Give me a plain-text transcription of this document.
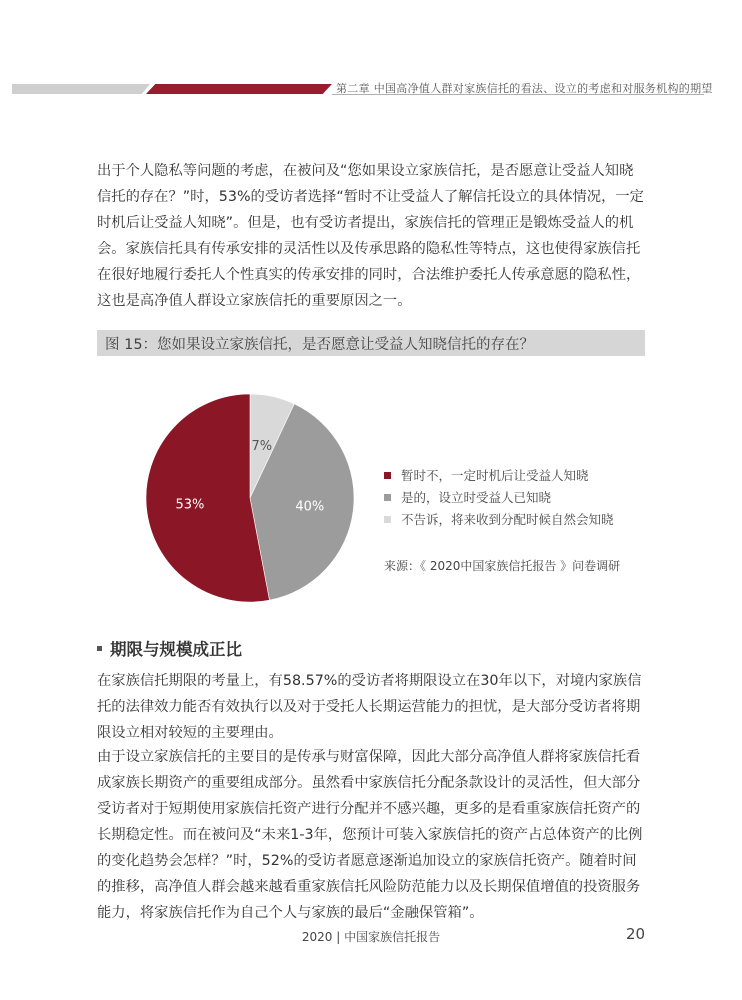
第二章 中国高净值人群对家族信托的看法、设立的考虑和对服务机构的期望

出于个人隐私等问题的考虑，在被问及“您如果设立家族信托，是否愿意让受益人知晓信托的存在？”时，53%的受访者选择“暂时不让受益人了解信托设立的具体情况，一定时机后让受益人知晓”。但是，也有受访者提出，家族信托的管理正是锻炼受益人的机会。家族信托具有传承安排的灵活性以及传承思路的隐私性等特点，这也使得家族信托在很好地履行委托人个性真实的传承安排的同时，合法维护委托人传承意愿的隐私性，这也是高净值人群设立家族信托的重要原因之一。

图 15：您如果设立家族信托，是否愿意让受益人知晓信托的存在？
7%
40%
53%
暂时不，一定时机后让受益人知晓
是的，设立时受益人已知晓
不告诉，将来收到分配时候自然会知晓
来源：《 2020中国家族信托报告 》问卷调研
期限与规模成正比

在家族信托期限的考量上，有58.57%的受访者将期限设立在30年以下，对境内家族信托的法律效力能否有效执行以及对于受托人长期运营能力的担忧，是大部分受访者将期限设立相对较短的主要理由。

由于设立家族信托的主要目的是传承与财富保障，因此大部分高净值人群将家族信托看成家族长期资产的重要组成部分。虽然看中家族信托分配条款设计的灵活性，但大部分受访者对于短期使用家族信托资产进行分配并不感兴趣，更多的是看重家族信托资产的长期稳定性。而在被问及“未来1-3年，您预计可装入家族信托的资产占总体资产的比例的变化趋势会怎样？”时，52%的受访者愿意逐渐追加设立的家族信托资产。随着时间的推移，高净值人群会越来越看重家族信托风险防范能力以及长期保值增值的投资服务能力，将家族信托作为自己个人与家族的最后“金融保管箱”。

2020 | 中国家族信托报告	20
